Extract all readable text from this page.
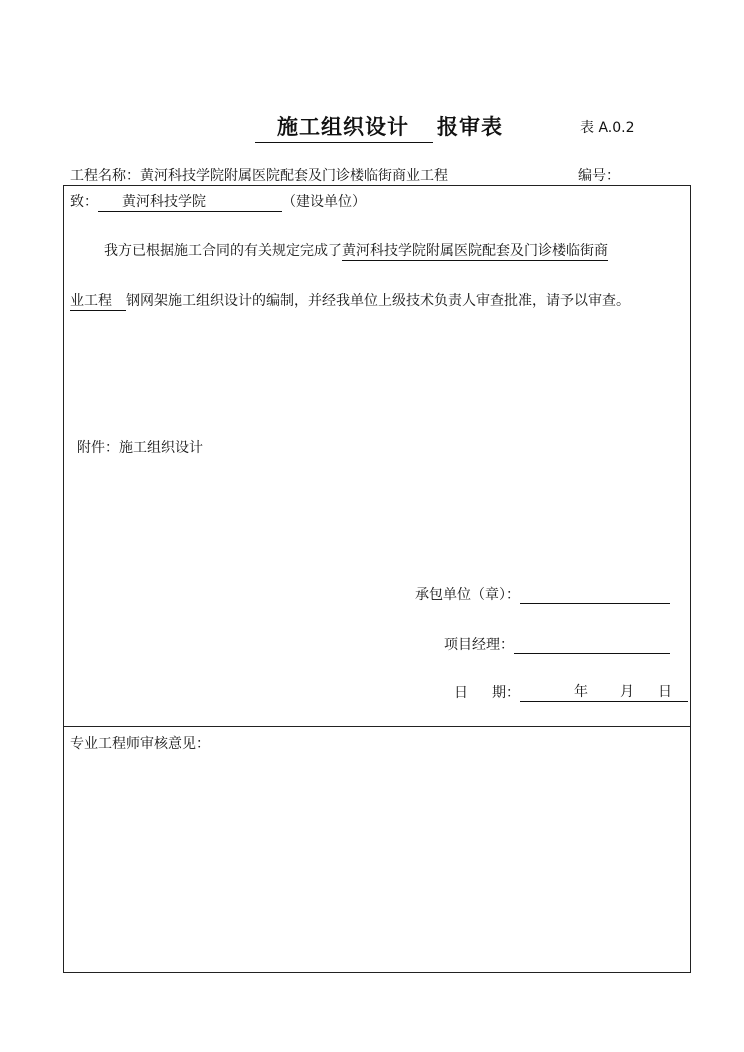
施工组织设计 报审表	表 A.0.2
工程名称：黄河科技学院附属医院配套及门诊楼临街商业工程	编号：
致： 黄河科技学院	（建设单位）
我方已根据施工合同的有关规定完成了黄河科技学院附属医院配套及门诊楼临街商
业工程 钢网架施工组织设计的编制，并经我单位上级技术负责人审查批准，请予以审查。
附件：施工组织设计
承包单位（章）：
项目经理：
日 期：	年 月 日
专业工程师审核意见：
